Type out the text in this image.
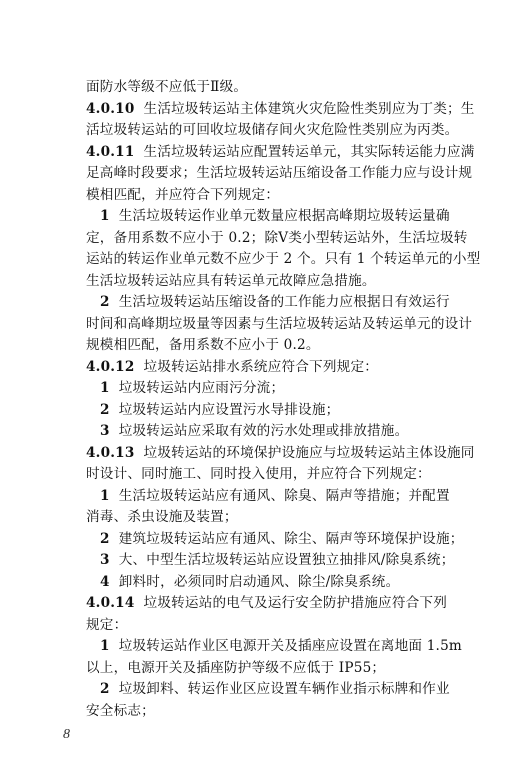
面防水等级不应低于Ⅱ级。
4.0.10 生活垃圾转运站主体建筑火灾危险性类别应为丁类；生
活垃圾转运站的可回收垃圾储存间火灾危险性类别应为丙类。
4.0.11 生活垃圾转运站应配置转运单元，其实际转运能力应满
足高峰时段要求；生活垃圾转运站压缩设备工作能力应与设计规
模相匹配，并应符合下列规定：
1 生活垃圾转运作业单元数量应根据高峰期垃圾转运量确
定，备用系数不应小于 0.2；除Ⅴ类小型转运站外，生活垃圾转
运站的转运作业单元数不应少于 2 个。只有 1 个转运单元的小型
生活垃圾转运站应具有转运单元故障应急措施。
2 生活垃圾转运站压缩设备的工作能力应根据日有效运行
时间和高峰期垃圾量等因素与生活垃圾转运站及转运单元的设计
规模相匹配，备用系数不应小于 0.2。
4.0.12 垃圾转运站排水系统应符合下列规定：
1 垃圾转运站内应雨污分流；
2 垃圾转运站内应设置污水导排设施；
3 垃圾转运站应采取有效的污水处理或排放措施。
4.0.13 垃圾转运站的环境保护设施应与垃圾转运站主体设施同
时设计、同时施工、同时投入使用，并应符合下列规定：
1 生活垃圾转运站应有通风、除臭、隔声等措施；并配置
消毒、杀虫设施及装置；
2 建筑垃圾转运站应有通风、除尘、隔声等环境保护设施；
3 大、中型生活垃圾转运站应设置独立抽排风/除臭系统；
4 卸料时，必须同时启动通风、除尘/除臭系统。
4.0.14 垃圾转运站的电气及运行安全防护措施应符合下列
规定：
1 垃圾转运站作业区电源开关及插座应设置在离地面 1.5m
以上，电源开关及插座防护等级不应低于 IP55；
2 垃圾卸料、转运作业区应设置车辆作业指示标牌和作业
安全标志；
8
